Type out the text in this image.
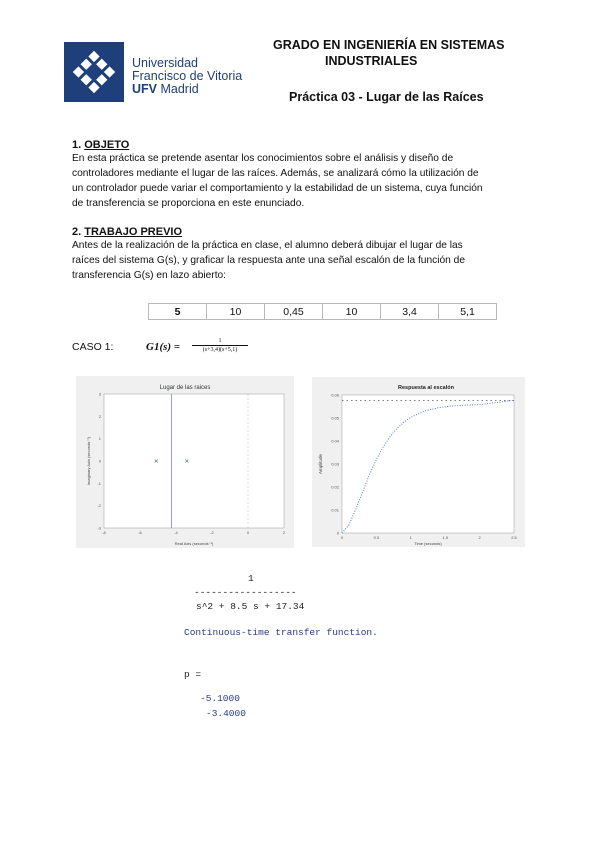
Universidad
Francisco de Vitoria
UFV Madrid
GRADO EN INGENIERÍA EN SISTEMAS
INDUSTRIALES
Práctica 03 - Lugar de las Raíces
1. OBJETO
En esta práctica se pretende asentar los conocimientos sobre el análisis y diseño de
controladores mediante el lugar de las raíces. Además, se analizará cómo la utilización de
un controlador puede variar el comportamiento y la estabilidad de un sistema, cuya función
de transferencia se proporciona en este enunciado.
2. TRABAJO PREVIO
Antes de la realización de la práctica en clase, el alumno deberá dibujar el lugar de las
raíces del sistema G(s), y graficar la respuesta ante una señal escalón de la función de
transferencia G(s) en lazo abierto:

5	10	0,45	10	3,4	5,1
CASO 1:	$G1(s) = \frac{1}{(s+3,4)(s+5,1)}$
Lugar de las raices
3
2
1
0
-1
-2
-3
-8	-6	-4	-2	0	2
Real Axis (seconds⁻¹)
Imaginary Axis (seconds⁻¹)
Respuesta al escalón
0.06
0.05
0.04
0.03
0.02
0.01
0
0	0.5	1	1.5	2	2.5
Time (seconds)
Amplitude
1
------------------
s^2 + 8.5 s + 17.34
Continuous-time transfer function.
p =
-5.1000
-3.4000
